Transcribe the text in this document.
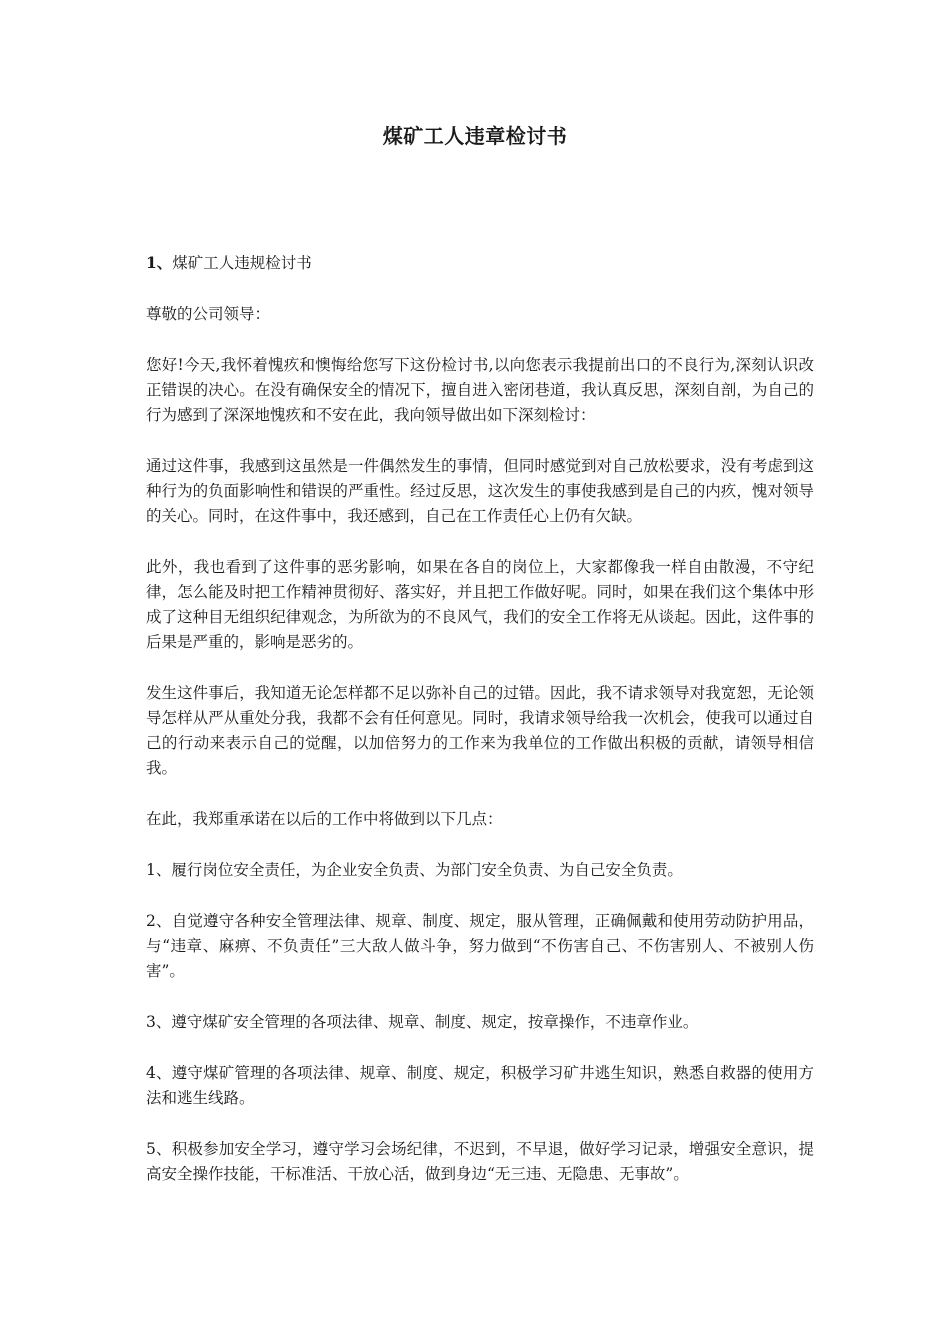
煤矿工人违章检讨书

1、煤矿工人违规检讨书

尊敬的公司领导：

您好!今天,我怀着愧疚和懊悔给您写下这份检讨书,以向您表示我提前出口的不良行为,深刻认识改正错误的决心。在没有确保安全的情况下，擅自进入密闭巷道，我认真反思，深刻自剖，为自己的行为感到了深深地愧疚和不安在此，我向领导做出如下深刻检讨：

通过这件事，我感到这虽然是一件偶然发生的事情，但同时感觉到对自己放松要求，没有考虑到这种行为的负面影响性和错误的严重性。经过反思，这次发生的事使我感到是自己的内疚，愧对领导的关心。同时，在这件事中，我还感到，自己在工作责任心上仍有欠缺。

此外，我也看到了这件事的恶劣影响，如果在各自的岗位上，大家都像我一样自由散漫，不守纪律，怎么能及时把工作精神贯彻好、落实好，并且把工作做好呢。同时，如果在我们这个集体中形成了这种目无组织纪律观念，为所欲为的不良风气，我们的安全工作将无从谈起。因此，这件事的后果是严重的，影响是恶劣的。

发生这件事后，我知道无论怎样都不足以弥补自己的过错。因此，我不请求领导对我宽恕，无论领导怎样从严从重处分我，我都不会有任何意见。同时，我请求领导给我一次机会，使我可以通过自己的行动来表示自己的觉醒，以加倍努力的工作来为我单位的工作做出积极的贡献，请领导相信我。

在此，我郑重承诺在以后的工作中将做到以下几点：

1、履行岗位安全责任，为企业安全负责、为部门安全负责、为自己安全负责。

2、自觉遵守各种安全管理法律、规章、制度、规定，服从管理，正确佩戴和使用劳动防护用品，与“违章、麻痹、不负责任”三大敌人做斗争，努力做到“不伤害自己、不伤害别人、不被别人伤害”。

3、遵守煤矿安全管理的各项法律、规章、制度、规定，按章操作，不违章作业。

4、遵守煤矿管理的各项法律、规章、制度、规定，积极学习矿井逃生知识，熟悉自救器的使用方法和逃生线路。

5、积极参加安全学习，遵守学习会场纪律，不迟到，不早退，做好学习记录，增强安全意识，提高安全操作技能，干标准活、干放心活，做到身边“无三违、无隐患、无事故”。
